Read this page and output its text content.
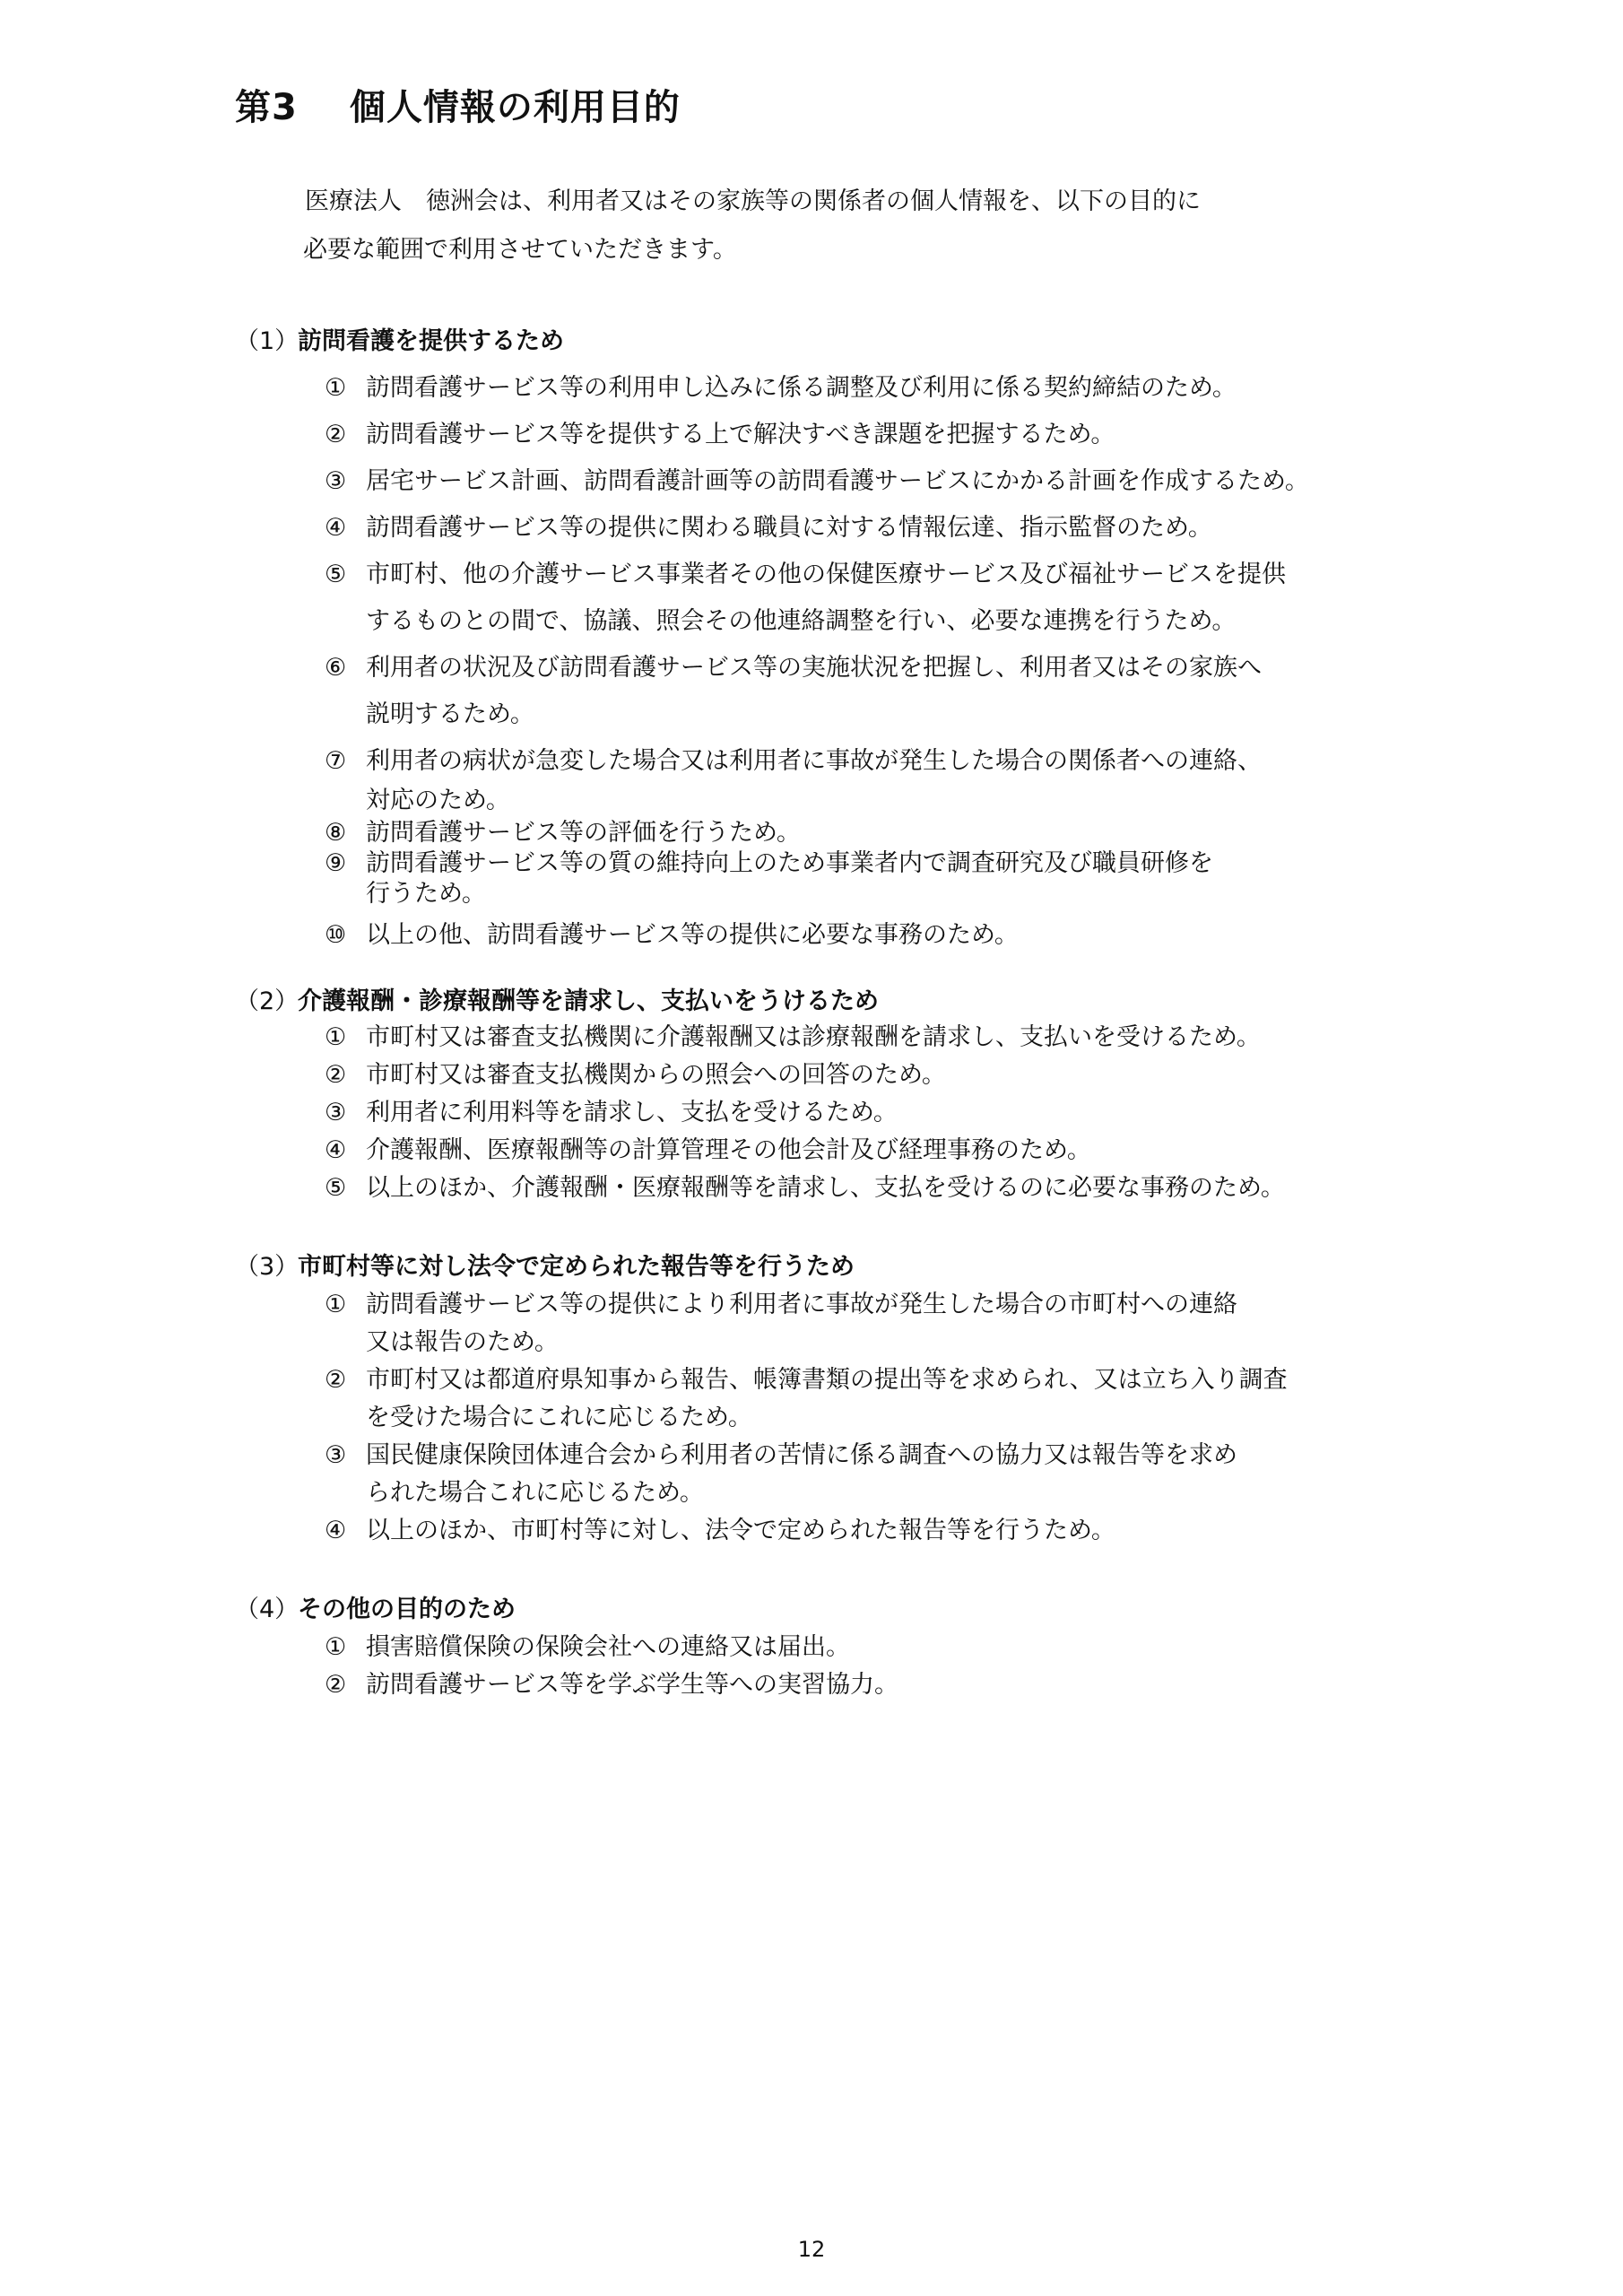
第3 個人情報の利用目的
医療法人　徳洲会は、利用者又はその家族等の関係者の個人情報を、以下の目的に
必要な範囲で利用させていただきます。
（1）訪問看護を提供するため
① 訪問看護サービス等の利用申し込みに係る調整及び利用に係る契約締結のため。
② 訪問看護サービス等を提供する上で解決すべき課題を把握するため。
③ 居宅サービス計画、訪問看護計画等の訪問看護サービスにかかる計画を作成するため。
④ 訪問看護サービス等の提供に関わる職員に対する情報伝達、指示監督のため。
⑤ 市町村、他の介護サービス事業者その他の保健医療サービス及び福祉サービスを提供
するものとの間で、協議、照会その他連絡調整を行い、必要な連携を行うため。
⑥ 利用者の状況及び訪問看護サービス等の実施状況を把握し、利用者又はその家族へ
説明するため。
⑦ 利用者の病状が急変した場合又は利用者に事故が発生した場合の関係者への連絡、
対応のため。
⑧ 訪問看護サービス等の評価を行うため。
⑨ 訪問看護サービス等の質の維持向上のため事業者内で調査研究及び職員研修を
行うため。
⑩ 以上の他、訪問看護サービス等の提供に必要な事務のため。
（2）介護報酬・診療報酬等を請求し、支払いをうけるため
① 市町村又は審査支払機関に介護報酬又は診療報酬を請求し、支払いを受けるため。
② 市町村又は審査支払機関からの照会への回答のため。
③ 利用者に利用料等を請求し、支払を受けるため。
④ 介護報酬、医療報酬等の計算管理その他会計及び経理事務のため。
⑤ 以上のほか、介護報酬・医療報酬等を請求し、支払を受けるのに必要な事務のため。
（3）市町村等に対し法令で定められた報告等を行うため
① 訪問看護サービス等の提供により利用者に事故が発生した場合の市町村への連絡
又は報告のため。
② 市町村又は都道府県知事から報告、帳簿書類の提出等を求められ、又は立ち入り調査
を受けた場合にこれに応じるため。
③ 国民健康保険団体連合会から利用者の苦情に係る調査への協力又は報告等を求め
られた場合これに応じるため。
④ 以上のほか、市町村等に対し、法令で定められた報告等を行うため。
（4）その他の目的のため
① 損害賠償保険の保険会社への連絡又は届出。
② 訪問看護サービス等を学ぶ学生等への実習協力。
12
